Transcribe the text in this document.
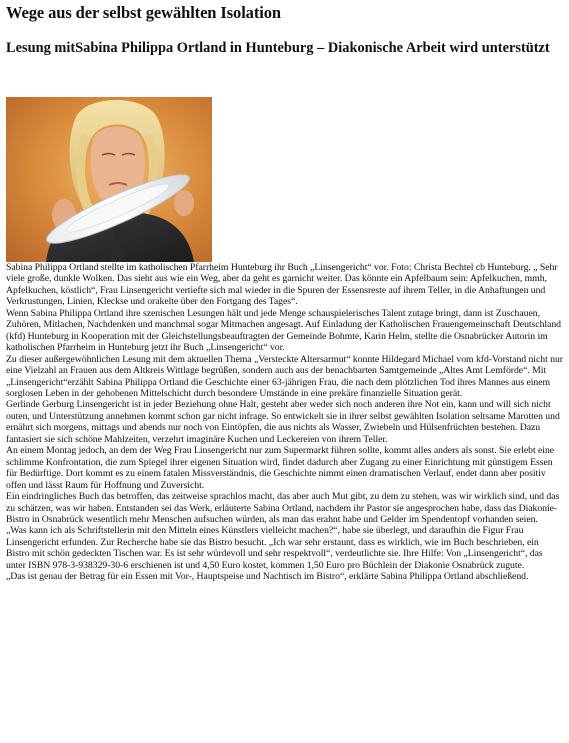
Wege aus der selbst gewählten Isolation
Lesung mitSabina Philippa Ortland in Hunteburg – Diakonische Arbeit wird unterstützt

Sabina Philippa Ortland stellte im katholischen Pfarrheim Hunteburg ihr Buch „Linsengericht“ vor. Foto: Christa Bechtel cb Hunteburg. „ Sehr viele große, dunkle Wolken. Das sieht aus wie ein Weg, aber da geht es garnicht weiter. Das könnte ein Apfelbaum sein: Apfelkuchen, mmh, Apfelkuchen, köstlich“, Frau Linsengericht vertiefte sich mal wieder in die Spuren der Essensreste auf ihrem Teller, in die Anhaftungen und Verkrustungen, Linien, Kleckse und orakelte über den Fortgang des Tages“.

Wenn Sabina Philippa Ortland ihre szenischen Lesungen hält und jede Menge schauspielerisches Talent zutage bringt, dann ist Zuschauen, Zuhören, Mitlachen, Nachdenken und manchmal sogar Mitmachen angesagt. Auf Einladung der Katholischen Frauengemeinschaft Deutschland (kfd) Hunteburg in Kooperation mit der Gleichstellungsbeauftragten der Gemeinde Bohmte, Karin Helm, stellte die Osnabrücker Autorin im katholischen Pfarrheim in Hunteburg jetzt ihr Buch „Linsengericht“ vor.

Zu dieser außergewöhnlichen Lesung mit dem aktuellen Thema „Versteckte Altersarmut“ konnte Hildegard Michael vom kfd-Vorstand nicht nur eine Vielzahl an Frauen aus dem Altkreis Wittlage begrüßen, sondern auch aus der benachbarten Samtgemeinde „Altes Amt Lemförde“. Mit „Linsengericht“erzählt Sabina Philippa Ortland die Geschichte einer 63-jährigen Frau, die nach dem plötzlichen Tod ihres Mannes aus einem sorglosen Leben in der gehobenen Mittelschicht durch besondere Umstände in eine prekäre finanzielle Situation gerät.

Gerlinde Gerburg Linsengericht ist in jeder Beziehung ohne Halt, gesteht aber weder sich noch anderen ihre Not ein, kann und will sich nicht outen, und Unterstützung annehmen kommt schon gar nicht infrage. So entwickelt sie in ihrer selbst gewählten Isolation seltsame Marotten und ernährt sich morgens, mittags und abends nur noch von Eintöpfen, die aus nichts als Wasser, Zwiebeln und Hülsenfrüchten bestehen. Dazu fantasiert sie sich schöne Mahlzeiten, verzehrt imaginäre Kuchen und Leckereien von ihrem Teller.

An einem Montag jedoch, an dem der Weg Frau Linsengericht nur zum Supermarkt führen sollte, kommt alles anders als sonst. Sie erlebt eine schlimme Konfrontation, die zum Spiegel ihrer eigenen Situation wird, findet dadurch aber Zugang zu einer Einrichtung mit günstigem Essen für Bedürftige. Dort kommt es zu einem fatalen Missverständnis, die Geschichte nimmt einen dramatischen Verlauf, endet dann aber positiv offen und lässt Raum für Hoffnung und Zuversicht.

Ein eindringliches Buch das betroffen, das zeitweise sprachlos macht, das aber auch Mut gibt, zu dem zu stehen, was wir wirklich sind, und das zu schätzen, was wir haben. Entstanden sei das Werk, erläuterte Sabina Ortland, nachdem ihr Pastor sie angesprochen habe, dass das Diakonie-Bistro in Osnabrück wesentlich mehr Menschen aufsuchen würden, als man das erahnt habe und Gelder im Spendentopf vorhanden seien.

„Was kann ich als Schriftstellerin mit den Mitteln eines Künstlers vielleicht machen?“, habe sie überlegt, und daraufhin die Figur Frau Linsengericht erfunden. Zur Recherche habe sie das Bistro besucht. „Ich war sehr erstaunt, dass es wirklich, wie im Buch beschrieben, ein Bistro mit schön gedeckten Tischen war. Es ist sehr würdevoll und sehr respektvoll“, verdeutlichte sie. Ihre Hilfe: Von „Linsengericht“, das unter ISBN 978-3-938329-30-6 erschienen ist und 4,50 Euro kostet, kommen 1,50 Euro pro Büchlein der Diakonie Osnabrück zugute.

„Das ist genau der Betrag für ein Essen mit Vor-, Hauptspeise und Nachtisch im Bistro“, erklärte Sabina Philippa Ortland abschließend.
